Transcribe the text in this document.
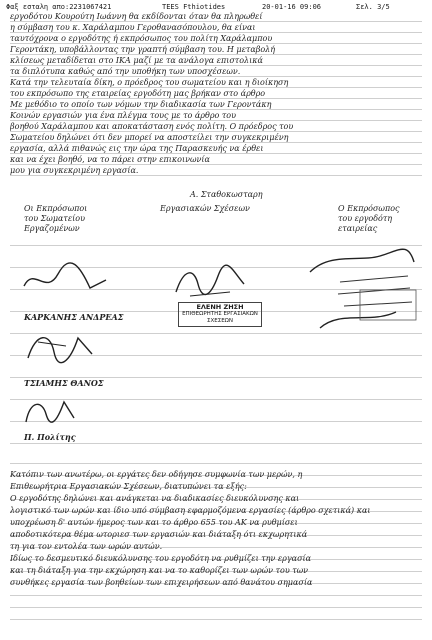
Φαξ εσταλη απο:2231067421	TEES Fthiotides	20-01-16 09:06	Σελ. 3/5
εργοδότου Κουρούτη Ιωάννη θα εκδίδονται όταν θα πληρωθεί
η σύμβαση του κ. Χαράλαμπου Γεροθανασόπουλου, θα είναι
ταυτόχρονα ο εργοδότης ή εκπρόσωπος του πολίτη Χαράλαμπου
Γεροντάκη, υποβάλλοντας την γραπτή σύμβαση του. Η μεταβολή
κλίσεως μεταδίδεται στο ΙΚΑ μαζί με τα ανάλογα επιστολικά
τα διπλότυπα καθώς από την υποθήκη των υποσχέσεων.
Κατά την τελευταία δίκη, ο πρόεδρος του σωματείου και η διοίκηση
του εκπρόσωπο της εταιρείας εργοδότη μας βρήκαν στο άρθρο
Με μεθόδιο το οποίο των νόμων την διαδικασία των Γεροντάκη
Κοινών εργασιών για ένα πλέγμα τους με το άρθρο του
βοηθού Χαράλαμπου και αποκατάσταση ενός πολίτη. Ο πρόεδρος του
Σωματείου δηλώνει ότι δεν μπορεί να αποστείλει την συγκεκριμένη
εργασία, αλλά πιθανώς εις την ώρα της Παρασκευής να έρθει
και να έχει βοηθό, να το πάρει στην επικοινωνία
μου για συγκεκριμένη εργασία.
Α. Σταθοκωσταρη
Οι Εκπρόσωποι
του Σωματείου
Εργαζομένων
Εργασιακών Σχέσεων	Ο Εκπρόσωπος
του εργοδότη
εταιρείας
ΕΛΕΝΗ ΖΗΣΗ
ΕΠΙΘΕΩΡΗΤΗΣ ΕΡΓΑΣΙΑΚΩΝ ΣΧΕΣΕΩΝ
ΚΑΡΚΑΝΗΣ ΑΝΔΡΕΑΣ
ΤΣΙΑΜΗΣ ΘΑΝΟΣ
Π. Πολίτης
Κατόπιν των ανωτέρω, οι εργάτες δεν οδήγησε συμφωνία των μερών, η
Επιθεωρήτρια Εργασιακών Σχέσεων, διατυπώνει τα εξής:
Ο εργοδότης δηλώνει και ανάγκεται να διαδικασίες διευκόλυνσης και
λογιστικό των ωρών και ίδιο υπό σύμβαση εφαρμοζόμενα εργασίες (άρθρο σχετικά) και
υποχρέωση δ' αυτών ήμερος των και το άρθρο 655 του ΑΚ να ρυθμίσει
αποδοτικότερα θέμα ωτοριεσ των εργασιών και διάταξη ότι εκχωρητικά
τη για τον εντολέα των ωρών αυτών.
Ιδίως το δεσμευτικό διευκόλυνσης του εργοδότη να ρυθμίζει την εργασία
και τη διάταξη για την εκχώρηση και να το καθορίζει των ωρών του των
συνθήκες εργασία των βοηθείων των επιχειρήσεων από θανάτου σημασία
